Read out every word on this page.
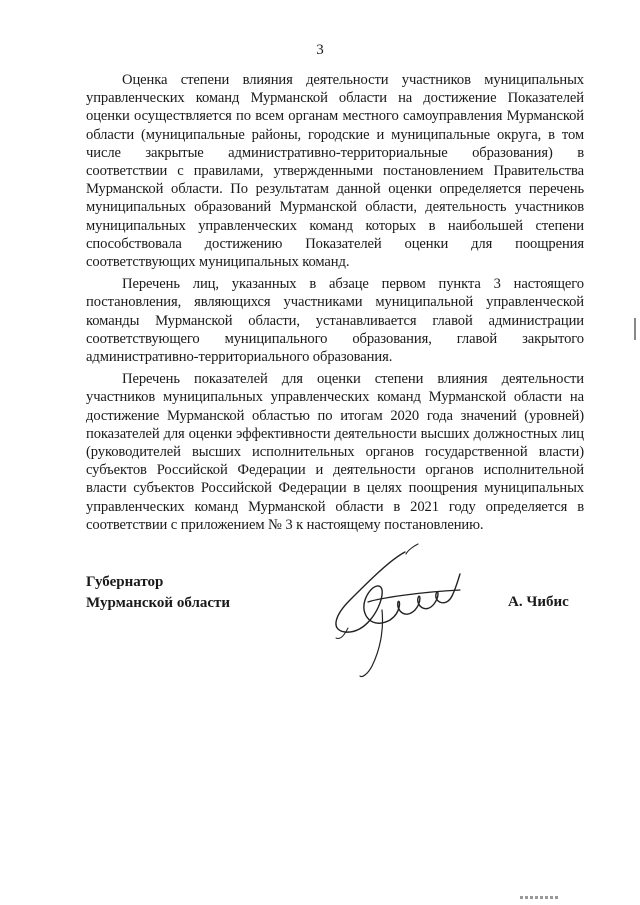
3

Оценка степени влияния деятельности участников муниципальных управленческих команд Мурманской области на достижение Показателей оценки осуществляется по всем органам местного самоуправления Мурманской области (муниципальные районы, городские и муниципальные округа, в том числе закрытые административно-территориальные образования) в соответствии с правилами, утвержденными постановлением Правительства Мурманской области. По результатам данной оценки определяется перечень муниципальных образований Мурманской области, деятельность участников муниципальных управленческих команд которых в наибольшей степени способствовала достижению Показателей оценки для поощрения соответствующих муниципальных команд.

Перечень лиц, указанных в абзаце первом пункта 3 настоящего постановления, являющихся участниками муниципальной управленческой команды Мурманской области, устанавливается главой администрации соответствующего муниципального образования, главой закрытого административно-территориального образования.

Перечень показателей для оценки степени влияния деятельности участников муниципальных управленческих команд Мурманской области на достижение Мурманской областью по итогам 2020 года значений (уровней) показателей для оценки эффективности деятельности высших должностных лиц (руководителей высших исполнительных органов государственной власти) субъектов Российской Федерации и деятельности органов исполнительной власти субъектов Российской Федерации в целях поощрения муниципальных управленческих команд Мурманской области в 2021 году определяется в соответствии с приложением № 3 к настоящему постановлению.

Губернатор
Мурманской области	А. Чибис
